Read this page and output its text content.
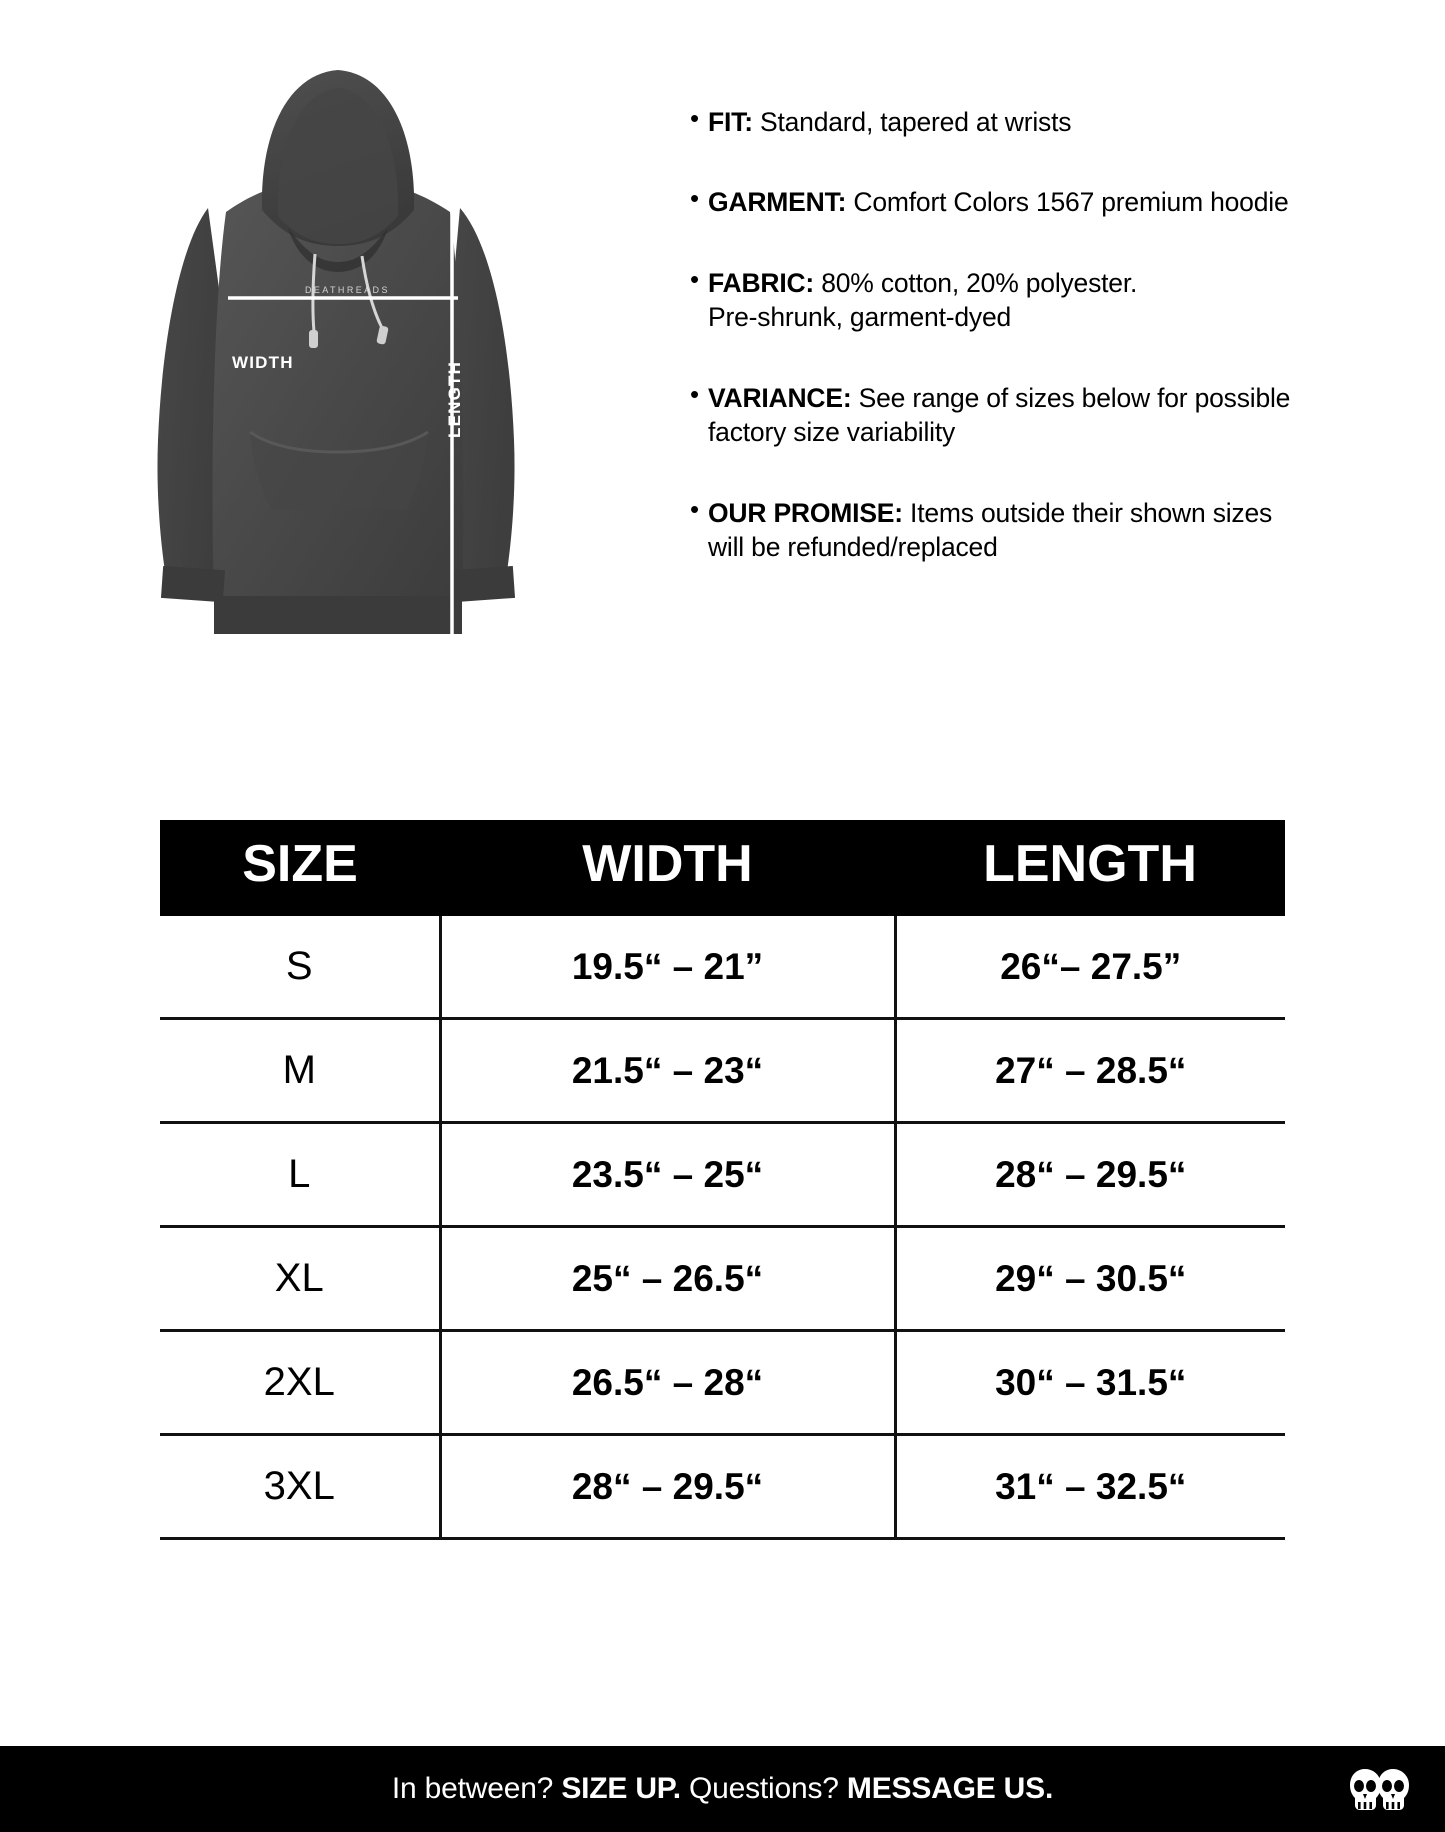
DEATHREADS
WIDTH	LENGTH
• FIT: Standard, tapered at wrists
• GARMENT: Comfort Colors 1567 premium hoodie
• FABRIC: 80% cotton, 20% polyester.
Pre-shrunk, garment-dyed
• VARIANCE: See range of sizes below for possible
factory size variability
• OUR PROMISE: Items outside their shown sizes
will be refunded/replaced
SIZE	WIDTH	LENGTH
S	19.5“ – 21”	26“– 27.5”
M	21.5“ – 23“	27“ – 28.5“
L	23.5“ – 25“	28“ – 29.5“
XL	25“ – 26.5“	29“ – 30.5“
2XL	26.5“ – 28“	30“ – 31.5“
3XL	28“ – 29.5“	31“ – 32.5“
In between? SIZE UP. Questions? MESSAGE US.
